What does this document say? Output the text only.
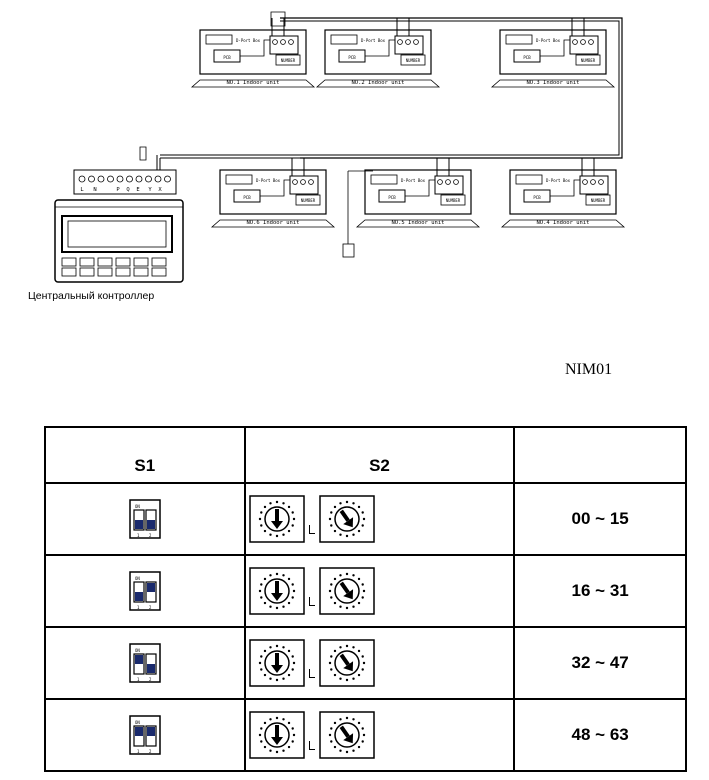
PCB
D-Port Box
NUMBER
NO.1 Indoor unit
PCB
D-Port Box
NUMBER
NO.2 Indoor unit
PCB
D-Port Box
NUMBER
NO.3 Indoor unit
PCB
D-Port Box
NUMBER
NO.6 Indoor unit
PCB
D-Port Box
NUMBER
NO.5 Indoor unit
PCB
D-Port Box
NUMBER
NO.4 Indoor unit
L N	P Q E Y X
Центральный контроллер
NIM01
S1	S2	

ON
1 2		00 ~ 15

ON
1 2		16 ~ 31

ON
1 2		32 ~ 47

ON
1 2		48 ~ 63
